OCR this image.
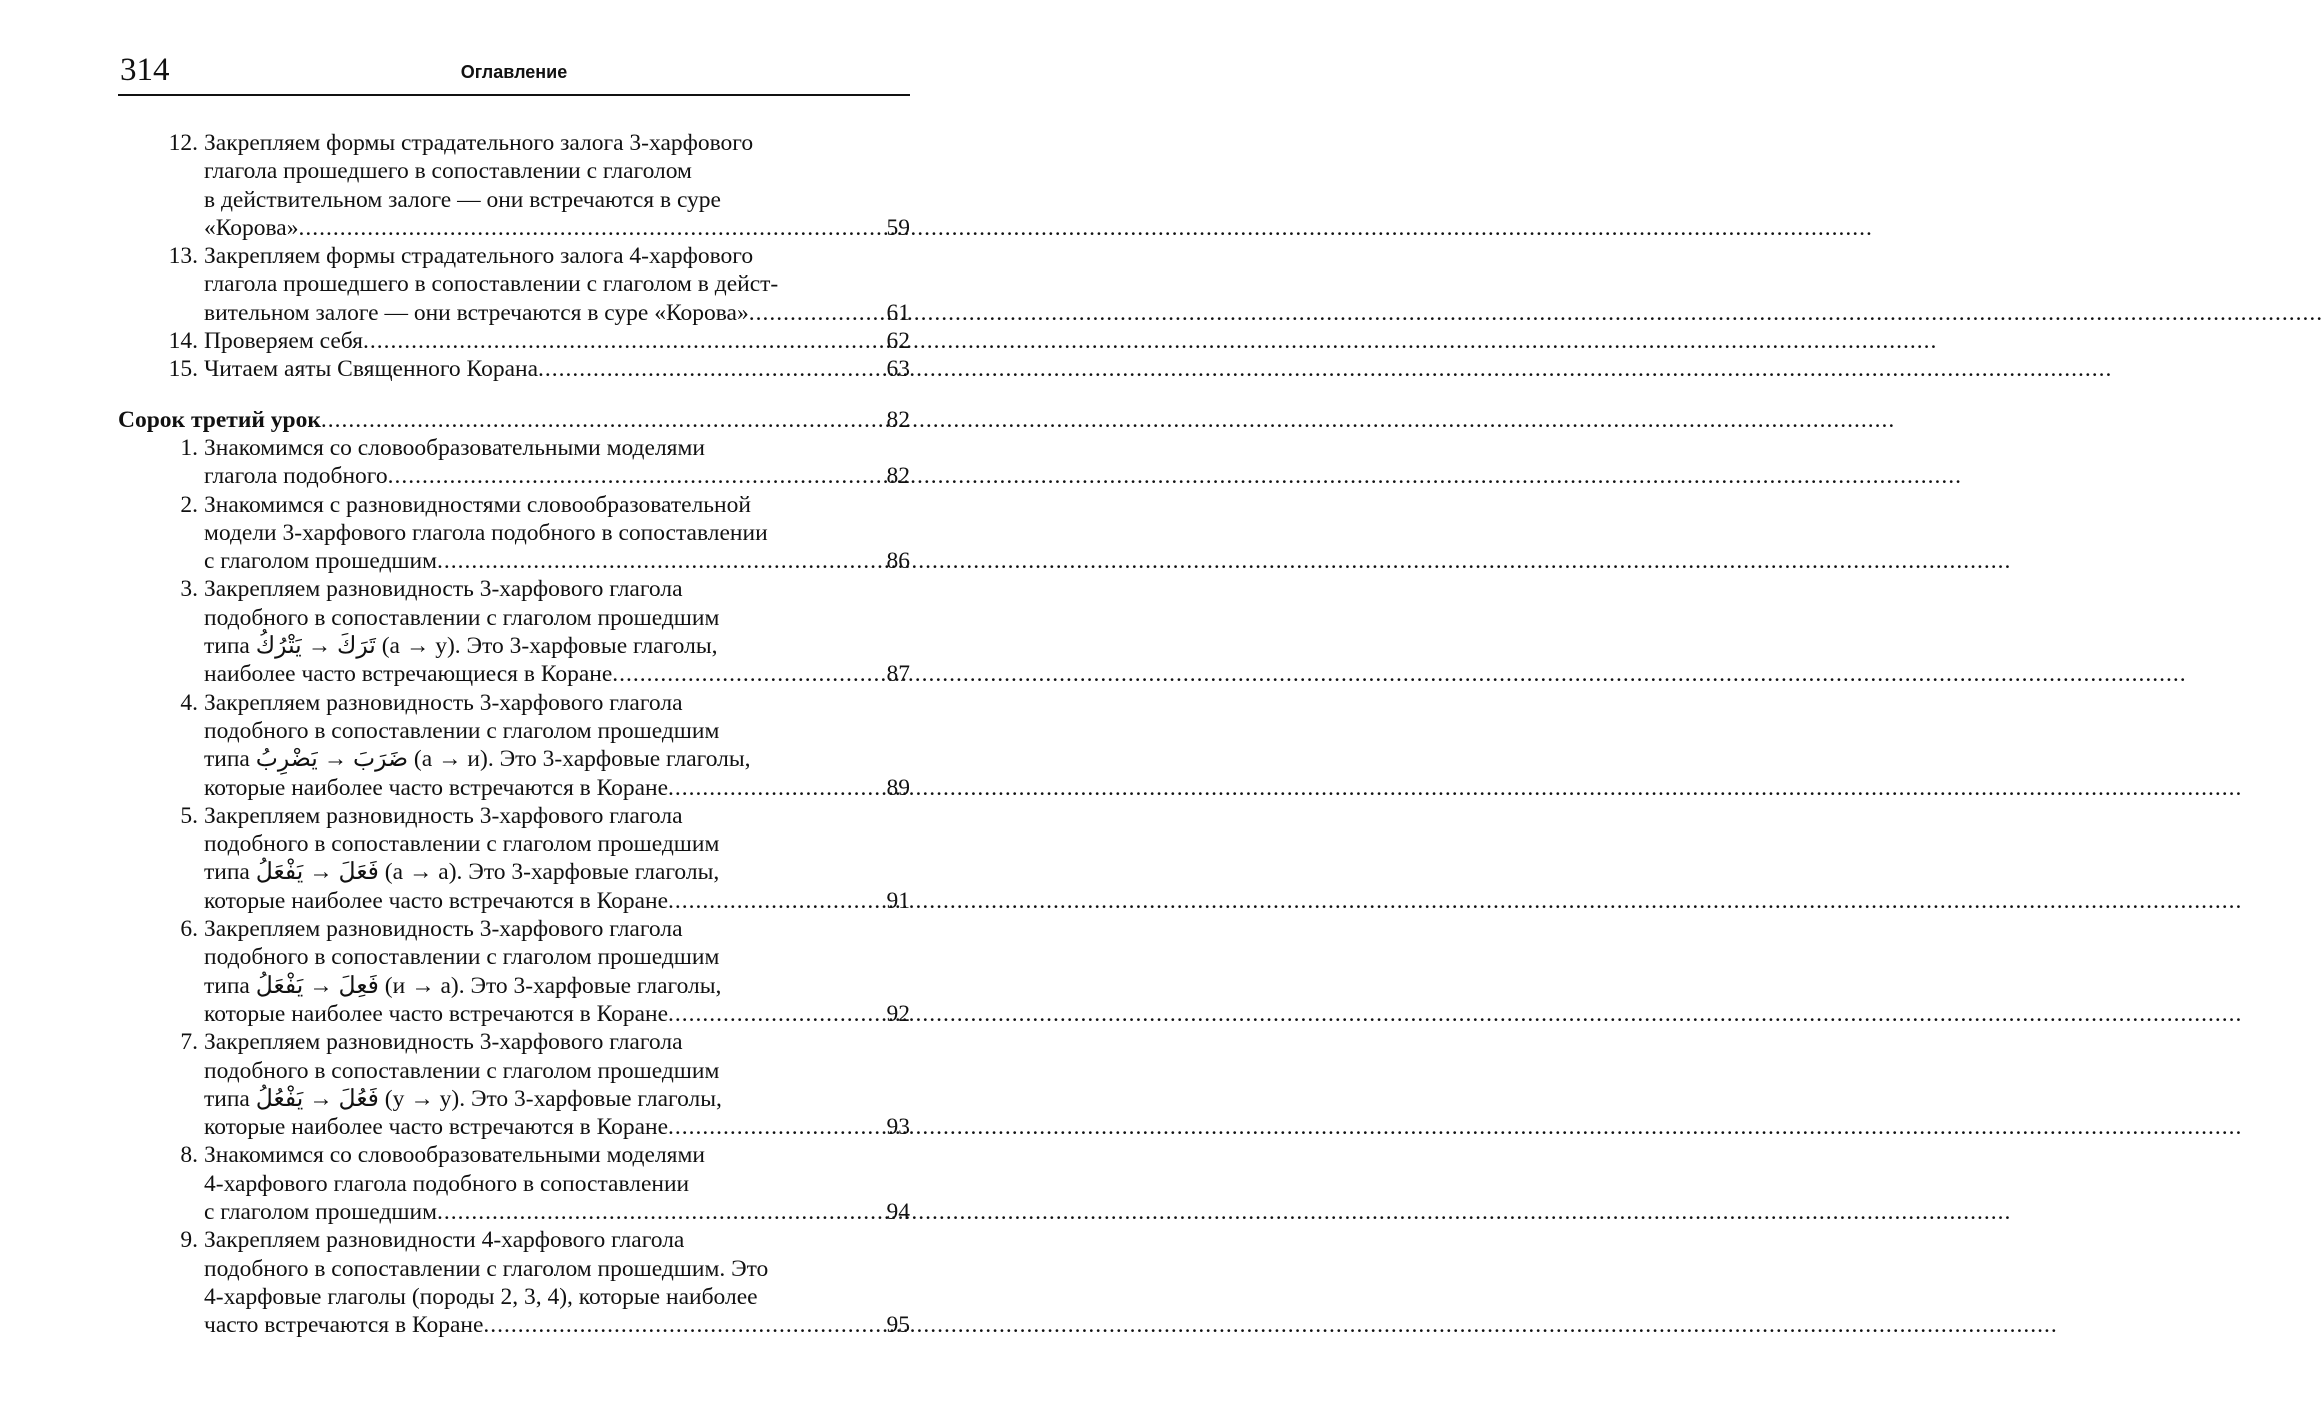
314	Оглавление
12. Закрепляем формы страдательного залога 3-харфового
глагола прошедшего в сопоставлении с глаголом
в действительном залоге — они встречаются в суре
«Корова» .....	59
13. Закрепляем формы страдательного залога 4-харфового
глагола прошедшего в сопоставлении с глаголом в дейст-
вительном залоге — они встречаются в суре «Корова» .....	61
14. Проверяем себя .....	62
15. Читаем аяты Священного Корана .....	63
Сорок третий урок .....	82
1. Знакомимся со словообразовательными моделями
глагола подобного .....	82
2. Знакомимся с разновидностями словообразовательной
модели 3-харфового глагола подобного в сопоставлении
с глаголом прошедшим .....	86
3. Закрепляем разновидность 3-харфового глагола
подобного в сопоставлении с глаголом прошедшим
типа تَرَكَ → يَتْرُكُ (а → у). Это 3-харфовые глаголы,
наиболее часто встречающиеся в Коране .....	87
4. Закрепляем разновидность 3-харфового глагола
подобного в сопоставлении с глаголом прошедшим
типа ضَرَبَ → يَضْرِبُ (а → и). Это 3-харфовые глаголы,
которые наиболее часто встречаются в Коране .....	89
5. Закрепляем разновидность 3-харфового глагола
подобного в сопоставлении с глаголом прошедшим
типа فَعَلَ → يَفْعَلُ (а → а). Это 3-харфовые глаголы,
которые наиболее часто встречаются в Коране .....	91
6. Закрепляем разновидность 3-харфового глагола
подобного в сопоставлении с глаголом прошедшим
типа فَعِلَ → يَفْعَلُ (и → а). Это 3-харфовые глаголы,
которые наиболее часто встречаются в Коране .....	92
7. Закрепляем разновидность 3-харфового глагола
подобного в сопоставлении с глаголом прошедшим
типа فَعُلَ → يَفْعُلُ (у → у). Это 3-харфовые глаголы,
которые наиболее часто встречаются в Коране .....	93
8. Знакомимся со словообразовательными моделями
4-харфового глагола подобного в сопоставлении
с глаголом прошедшим .....	94
9. Закрепляем разновидности 4-харфового глагола
подобного в сопоставлении с глаголом прошедшим. Это
4-харфовые глаголы (породы 2, 3, 4), которые наиболее
часто встречаются в Коране .....	95
